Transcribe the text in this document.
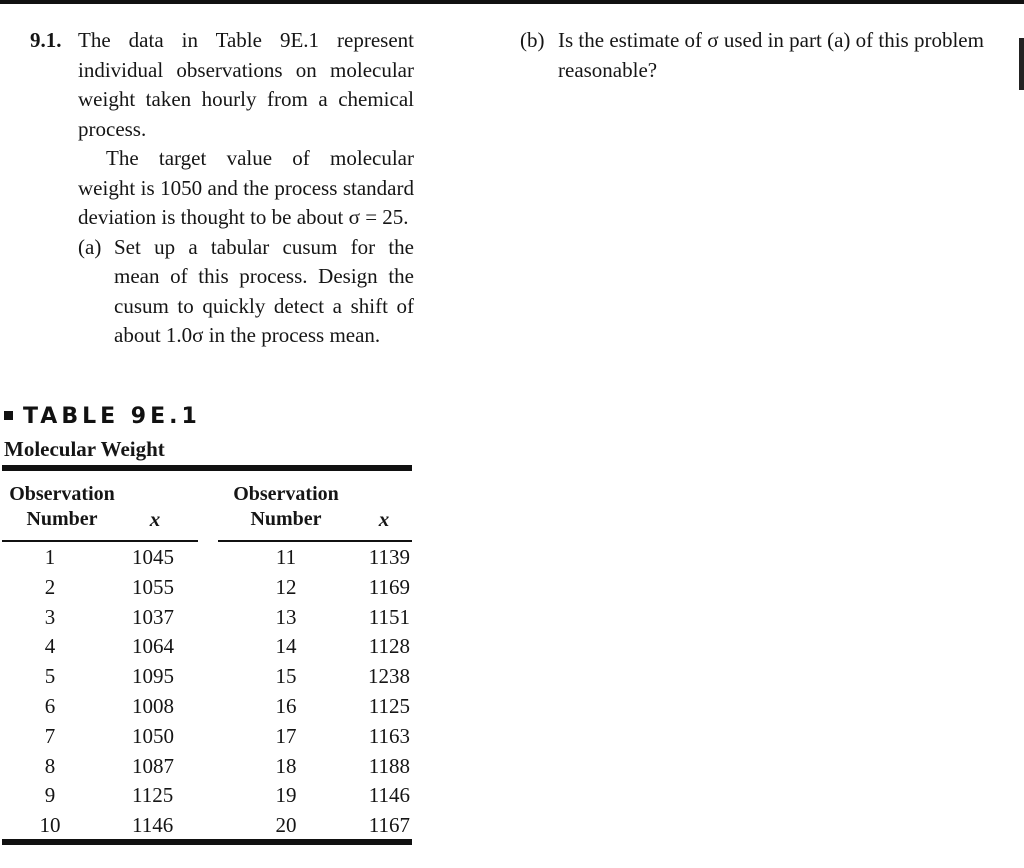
9.1. The data in Table 9E.1 represent individual observations on molecular weight taken hourly from a chemical process.
The target value of molecular weight is 1050 and the process standard deviation is thought to be about σ = 25.
(a) Set up a tabular cusum for the mean of this process. Design the cusum to quickly detect a shift of about 1.0σ in the process mean.
(b) Is the estimate of σ used in part (a) of this problem reasonable?
TABLE 9E.1
Molecular Weight
Observation
Number	x
Observation
Number	x
1	1045	11	1139
2	1055	12	1169
3	1037	13	1151
4	1064	14	1128
5	1095	15	1238
6	1008	16	1125
7	1050	17	1163
8	1087	18	1188
9	1125	19	1146
10	1146	20	1167
